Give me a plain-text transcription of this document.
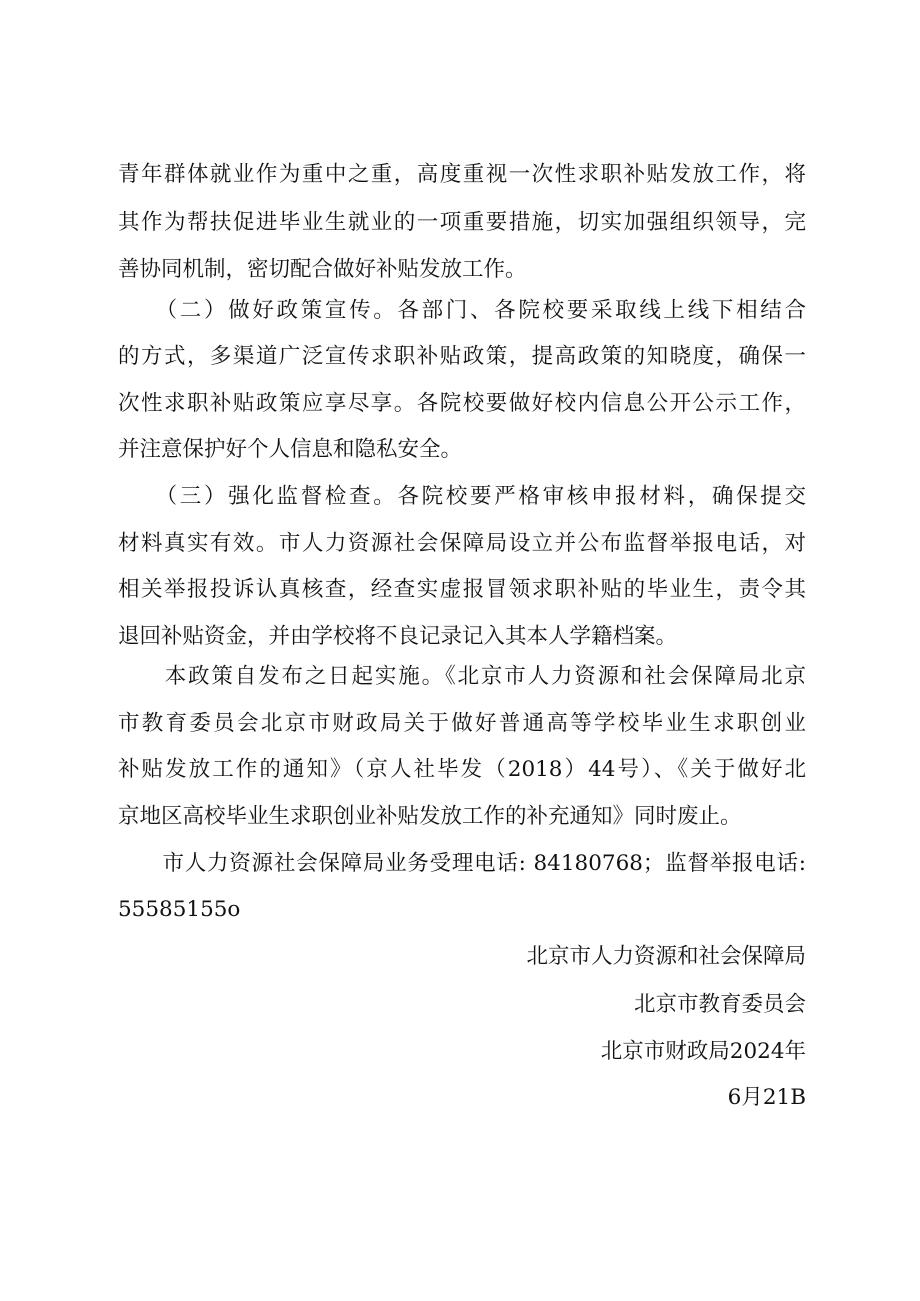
青年群体就业作为重中之重，高度重视一次性求职补贴发放工作，将
其作为帮扶促进毕业生就业的一项重要措施，切实加强组织领导，完
善协同机制，密切配合做好补贴发放工作。
　　（二）做好政策宣传。各部门、各院校要采取线上线下相结合
的方式，多渠道广泛宣传求职补贴政策，提高政策的知晓度，确保一
次性求职补贴政策应享尽享。各院校要做好校内信息公开公示工作，
并注意保护好个人信息和隐私安全。
　　（三）强化监督检查。各院校要严格审核申报材料，确保提交
材料真实有效。市人力资源社会保障局设立并公布监督举报电话，对
相关举报投诉认真核查，经查实虚报冒领求职补贴的毕业生，责令其
退回补贴资金，并由学校将不良记录记入其本人学籍档案。
　　本政策自发布之日起实施。《北京市人力资源和社会保障局北京
市教育委员会北京市财政局关于做好普通高等学校毕业生求职创业
补贴发放工作的通知》（京人社毕发（2018）44号）、《关于做好北
京地区高校毕业生求职创业补贴发放工作的补充通知》同时废止。
　　市人力资源社会保障局业务受理电话: 84180768；监督举报电话:
55585155o
北京市人力资源和社会保障局
北京市教育委员会
北京市财政局2024年
6月21B
